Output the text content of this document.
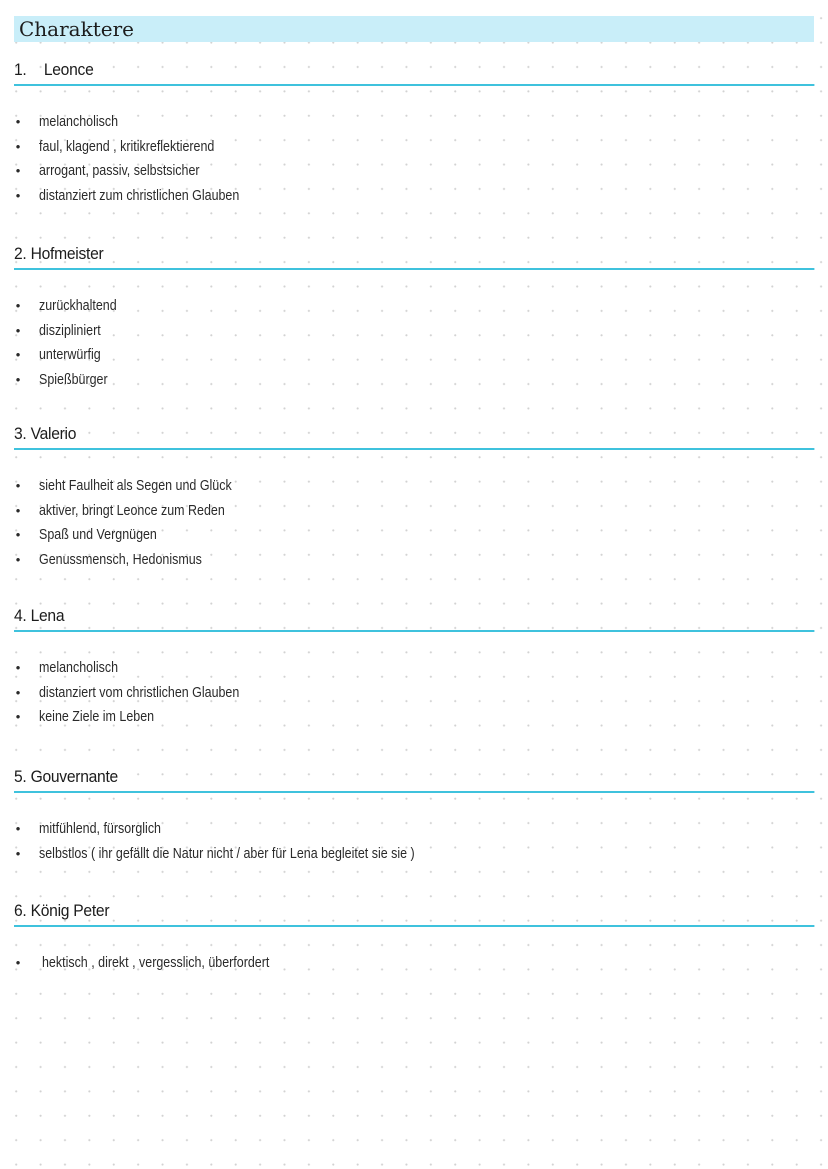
Charaktere
1. Leonce
• melancholisch
• faul, klagend , kritikreflektierend
• arrogant, passiv, selbstsicher
• distanziert zum christlichen Glauben
2. Hofmeister
• zurückhaltend
• diszipliniert
• unterwürfig
• Spießbürger
3. Valerio
• sieht Faulheit als Segen und Glück
• aktiver, bringt Leonce zum Reden
• Spaß und Vergnügen
• Genussmensch, Hedonismus
4. Lena
• melancholisch
• distanziert vom christlichen Glauben
• keine Ziele im Leben
5. Gouvernante
• mitfühlend, fürsorglich
• selbstlos ( ihr gefällt die Natur nicht / aber für Lena begleitet sie sie )
6. König Peter
• hektisch , direkt , vergesslich, überfordert
